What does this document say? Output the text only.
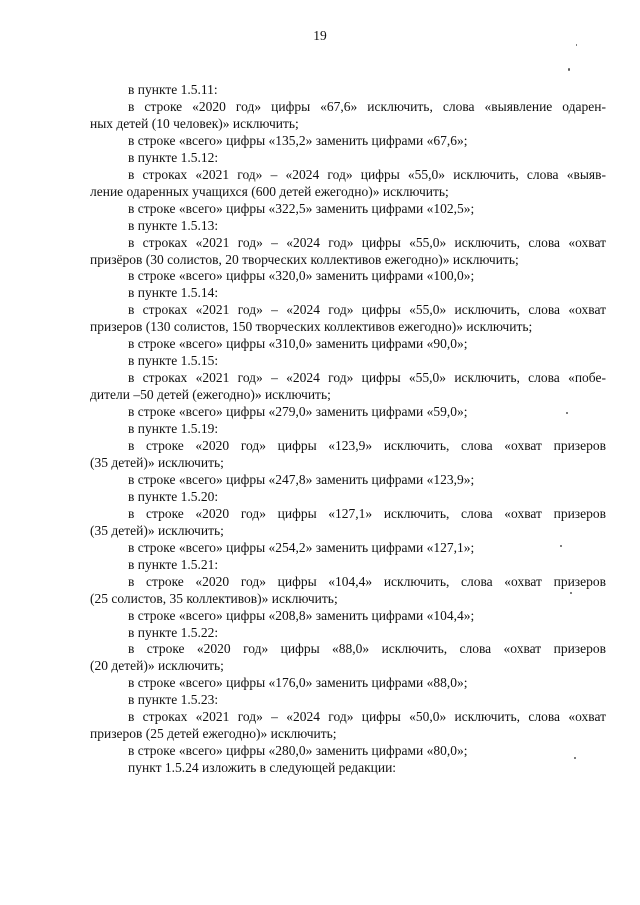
19

в пункте 1.5.11:

в строке «2020 год» цифры «67,6» исключить, слова «выявление одарен-

ных детей (10 человек)» исключить;

в строке «всего» цифры «135,2» заменить цифрами «67,6»;

в пункте 1.5.12:

в строках «2021 год» – «2024 год» цифры «55,0» исключить, слова «выяв-

ление одаренных учащихся (600 детей ежегодно)» исключить;

в строке «всего» цифры «322,5» заменить цифрами «102,5»;

в пункте 1.5.13:

в строках «2021 год» – «2024 год» цифры «55,0» исключить, слова «охват

призёров (30 солистов, 20 творческих коллективов ежегодно)» исключить;

в строке «всего» цифры «320,0» заменить цифрами «100,0»;

в пункте 1.5.14:

в строках «2021 год» – «2024 год» цифры «55,0» исключить, слова «охват

призеров (130 солистов, 150 творческих коллективов ежегодно)» исключить;

в строке «всего» цифры «310,0» заменить цифрами «90,0»;

в пункте 1.5.15:

в строках «2021 год» – «2024 год» цифры «55,0» исключить, слова «побе-

дители –50 детей (ежегодно)» исключить;

в строке «всего» цифры «279,0» заменить цифрами «59,0»;

в пункте 1.5.19:

в строке «2020 год» цифры «123,9» исключить, слова «охват призеров

(35 детей)» исключить;

в строке «всего» цифры «247,8» заменить цифрами «123,9»;

в пункте 1.5.20:

в строке «2020 год» цифры «127,1» исключить, слова «охват призеров

(35 детей)» исключить;

в строке «всего» цифры «254,2» заменить цифрами «127,1»;

в пункте 1.5.21:

в строке «2020 год» цифры «104,4» исключить, слова «охват призеров

(25 солистов, 35 коллективов)» исключить;

в строке «всего» цифры «208,8» заменить цифрами «104,4»;

в пункте 1.5.22:

в строке «2020 год» цифры «88,0» исключить, слова «охват призеров

(20 детей)» исключить;

в строке «всего» цифры «176,0» заменить цифрами «88,0»;

в пункте 1.5.23:

в строках «2021 год» – «2024 год» цифры «50,0» исключить, слова «охват

призеров (25 детей ежегодно)» исключить;

в строке «всего» цифры «280,0» заменить цифрами «80,0»;

пункт 1.5.24 изложить в следующей редакции:
